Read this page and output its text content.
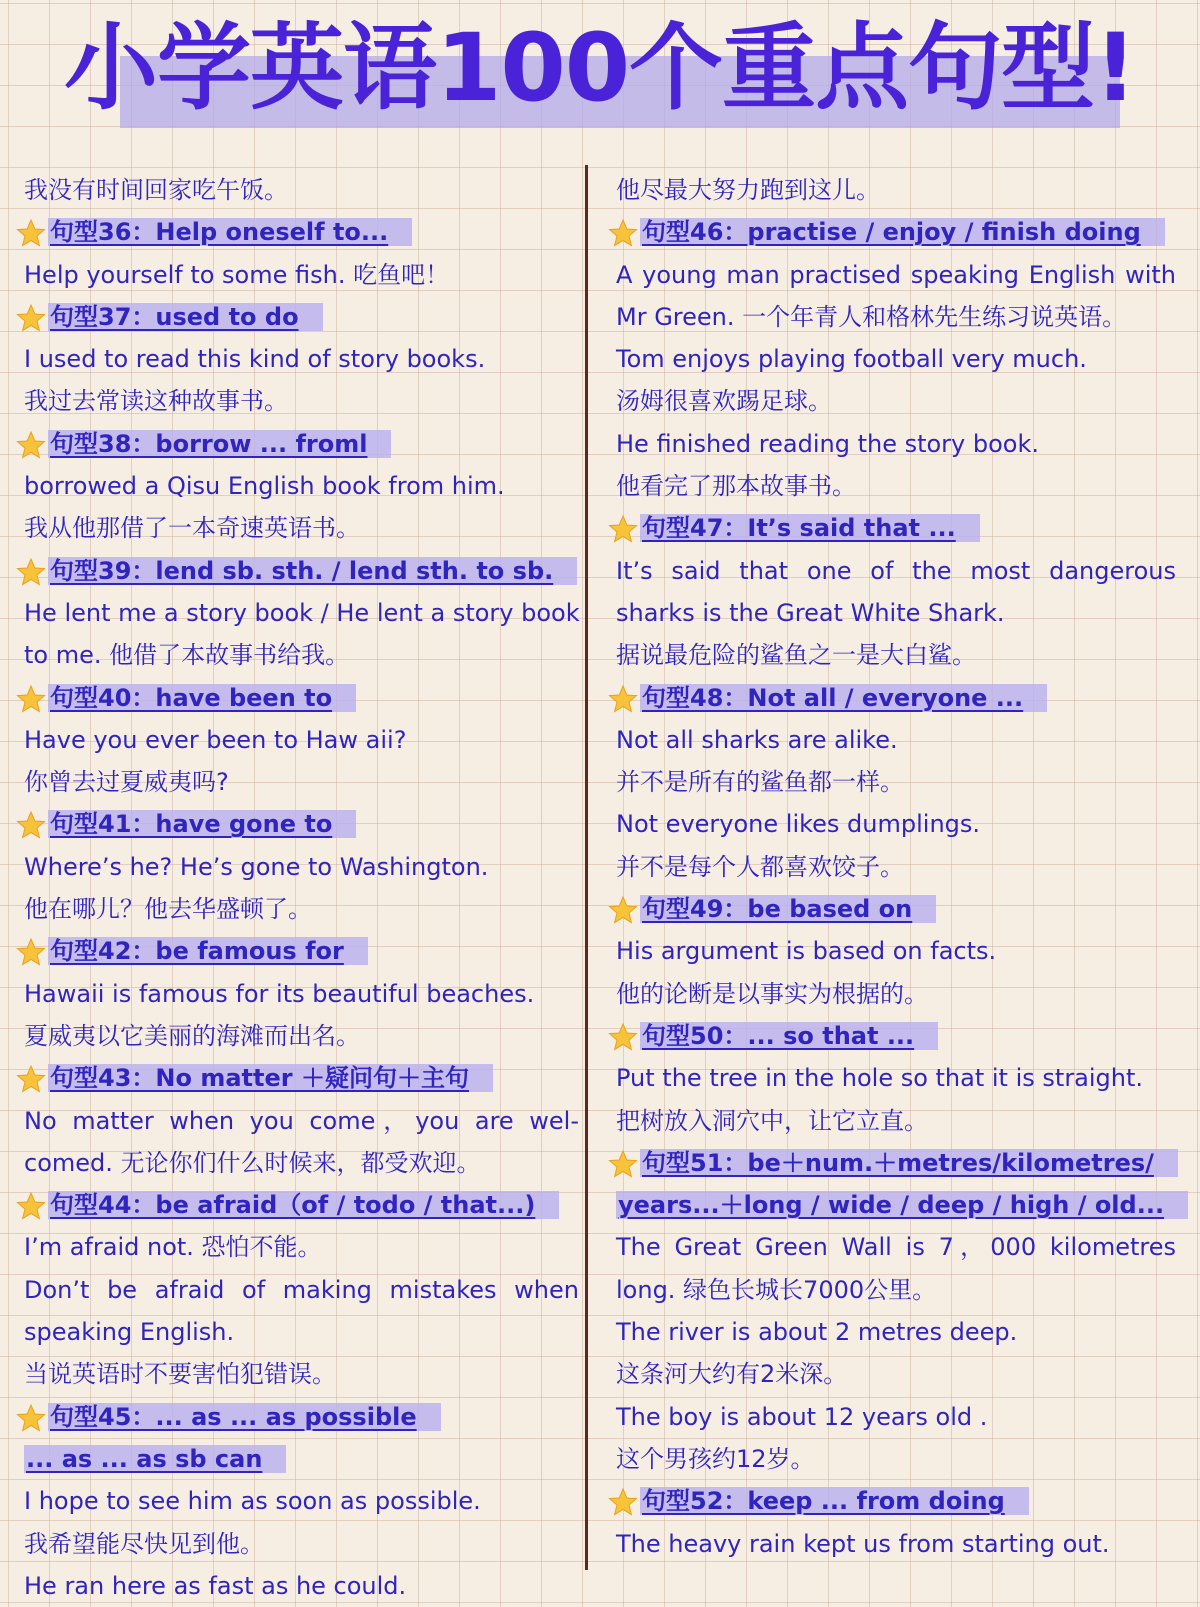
小学英语100个重点句型!
我没有时间回家吃午饭。
句型36：Help oneself to...
Help yourself to some fish. 吃鱼吧！
句型37：used to do
I used to read this kind of story books.
我过去常读这种故事书。
句型38：borrow ... froml
borrowed a Qisu English book from him.
我从他那借了一本奇速英语书。
句型39：lend sb. sth. / lend sth. to sb.
He lent me a story book / He lent a story book
to me. 他借了本故事书给我。
句型40：have been to
Have you ever been to Haw aii?
你曾去过夏威夷吗?
句型41：have gone to
Where’s he? He’s gone to Washington.
他在哪儿？他去华盛顿了。
句型42：be famous for
Hawaii is famous for its beautiful beaches.
夏威夷以它美丽的海滩而出名。
句型43：No matter ＋疑问句＋主句
No matter when you come，you are wel-
comed. 无论你们什么时候来，都受欢迎。
句型44：be afraid（of / todo / that...)
I’m afraid not. 恐怕不能。
Don’t be afraid of making mistakes when
speaking English.
当说英语时不要害怕犯错误。
句型45：... as ... as possible
... as ... as sb can
I hope to see him as soon as possible.
我希望能尽快见到他。
He ran here as fast as he could.
他尽最大努力跑到这儿。
句型46：practise / enjoy / finish doing
A young man practised speaking English with
Mr Green. 一个年青人和格林先生练习说英语。
Tom enjoys playing football very much.
汤姆很喜欢踢足球。
He finished reading the story book.
他看完了那本故事书。
句型47：It’s said that ...
It’s said that one of the most dangerous
sharks is the Great White Shark.
据说最危险的鲨鱼之一是大白鲨。
句型48：Not all / everyone ...
Not all sharks are alike.
并不是所有的鲨鱼都一样。
Not everyone likes dumplings.
并不是每个人都喜欢饺子。
句型49：be based on
His argument is based on facts.
他的论断是以事实为根据的。
句型50：... so that ...
Put the tree in the hole so that it is straight.
把树放入洞穴中，让它立直。
句型51：be＋num.＋metres/kilometres/
years...＋long / wide / deep / high / old...
The Great Green Wall is 7，000 kilometres
long. 绿色长城长7000公里。
The river is about 2 metres deep.
这条河大约有2米深。
The boy is about 12 years old .
这个男孩约12岁。
句型52：keep ... from doing
The heavy rain kept us from starting out.
